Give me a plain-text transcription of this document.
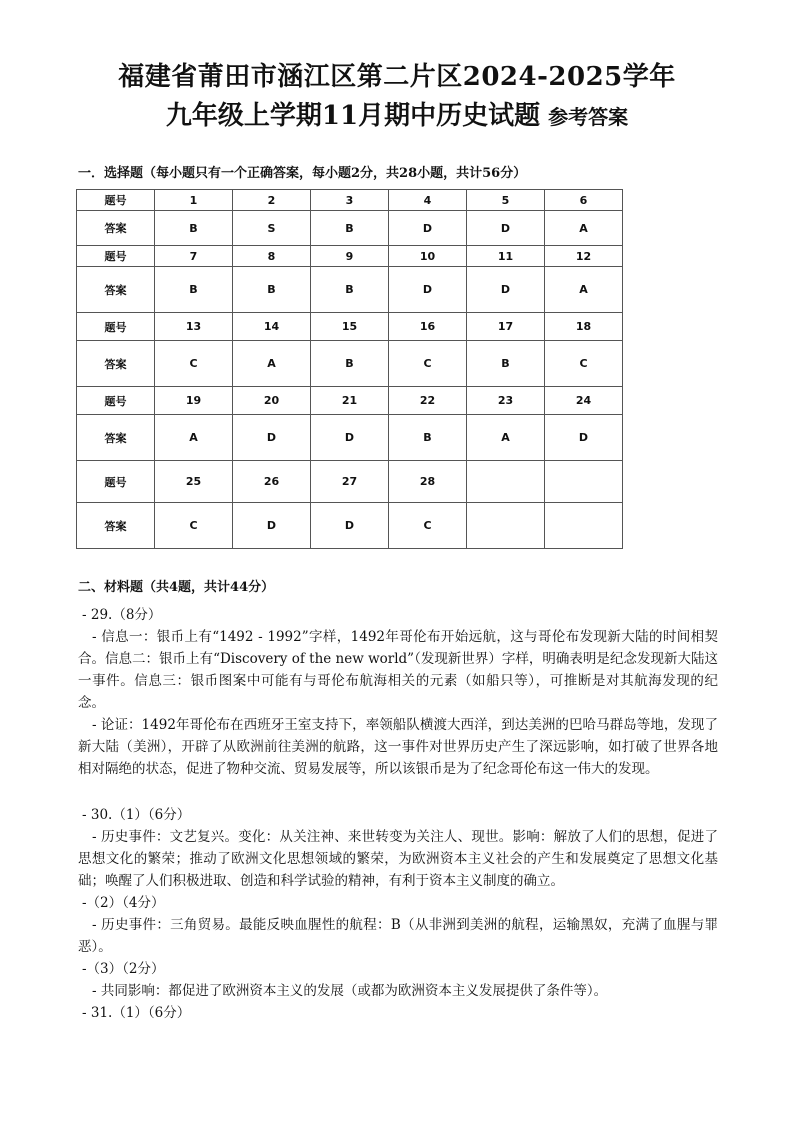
福建省莆田市涵江区第二片区2024-2025学年
九年级上学期11月期中历史试题 参考答案
一．选择题（每小题只有一个正确答案，每小题2分，共28小题，共计56分）
题号	1	2	3	4	5	6
答案	B	S	B	D	D	A
题号	7	8	9	10	11	12
答案	B	B	B	D	D	A
题号	13	14	15	16	17	18
答案	C	A	B	C	B	C
题号	19	20	21	22	23	24
答案	A	D	D	B	A	D
题号	25	26	27	28		
答案	C	D	D	C		
二、材料题（共4题，共计44分）

- 29.（8分）

- 信息一：银币上有“1492 - 1992”字样，1492年哥伦布开始远航，这与哥伦布发现新大陆的时间相契合。信息二：银币上有“Discovery of the new world”（发现新世界）字样，明确表明是纪念发现新大陆这一事件。信息三：银币图案中可能有与哥伦布航海相关的元素（如船只等），可推断是对其航海发现的纪念。

- 论证：1492年哥伦布在西班牙王室支持下，率领船队横渡大西洋，到达美洲的巴哈马群岛等地，发现了新大陆（美洲），开辟了从欧洲前往美洲的航路，这一事件对世界历史产生了深远影响，如打破了世界各地相对隔绝的状态，促进了物种交流、贸易发展等，所以该银币是为了纪念哥伦布这一伟大的发现。

- 30.（1）（6分）

- 历史事件：文艺复兴。变化：从关注神、来世转变为关注人、现世。影响：解放了人们的思想，促进了思想文化的繁荣；推动了欧洲文化思想领域的繁荣，为欧洲资本主义社会的产生和发展奠定了思想文化基础；唤醒了人们积极进取、创造和科学试验的精神，有利于资本主义制度的确立。

-（2）（4分）

- 历史事件：三角贸易。最能反映血腥性的航程：B（从非洲到美洲的航程，运输黑奴，充满了血腥与罪恶）。

-（3）（2分）

- 共同影响：都促进了欧洲资本主义的发展（或都为欧洲资本主义发展提供了条件等）。

- 31.（1）（6分）
